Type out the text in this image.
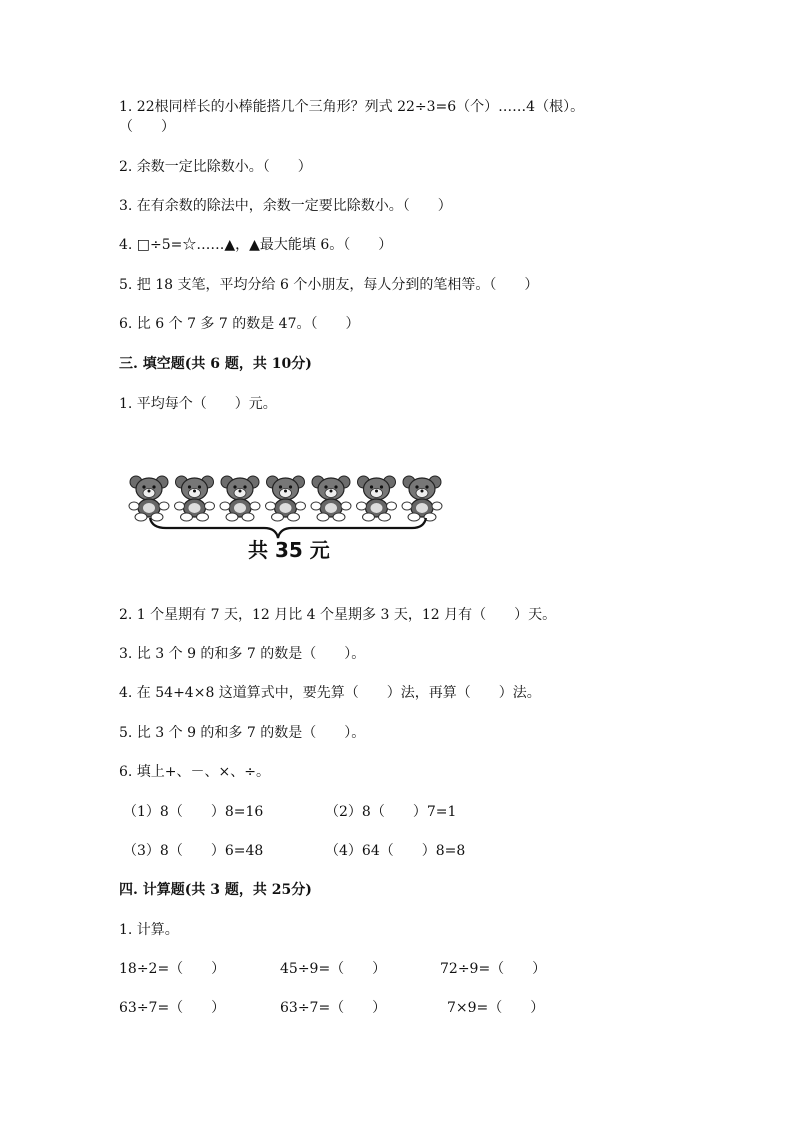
1. 22根同样长的小棒能搭几个三角形？列式 22÷3=6（个）……4（根）。
（　　）
2. 余数一定比除数小。（　　）
3. 在有余数的除法中，余数一定要比除数小。（　　）
4. □÷5=☆……▲，▲最大能填 6。（　　）
5. 把 18 支笔，平均分给 6 个小朋友，每人分到的笔相等。（　　）
6. 比 6 个 7 多 7 的数是 47。（　　）
三. 填空题(共 6 题，共 10分)
1. 平均每个（　　）元。
共 35 元
2. 1 个星期有 7 天，12 月比 4 个星期多 3 天，12 月有（　　）天。
3. 比 3 个 9 的和多 7 的数是（　　）。
4. 在 54+4×8 这道算式中，要先算（　　）法，再算（　　）法。
5. 比 3 个 9 的和多 7 的数是（　　）。
6. 填上+、－、×、÷。
（1）8（　　）8=16	（2）8（　　）7=1
（3）8（　　）6=48	（4）64（　　）8=8
四. 计算题(共 3 题，共 25分)
1. 计算。
18÷2=（　　）	45÷9=（　　）	72÷9=（　　）
63÷7=（　　）	63÷7=（　　）	7×9=（　　）
